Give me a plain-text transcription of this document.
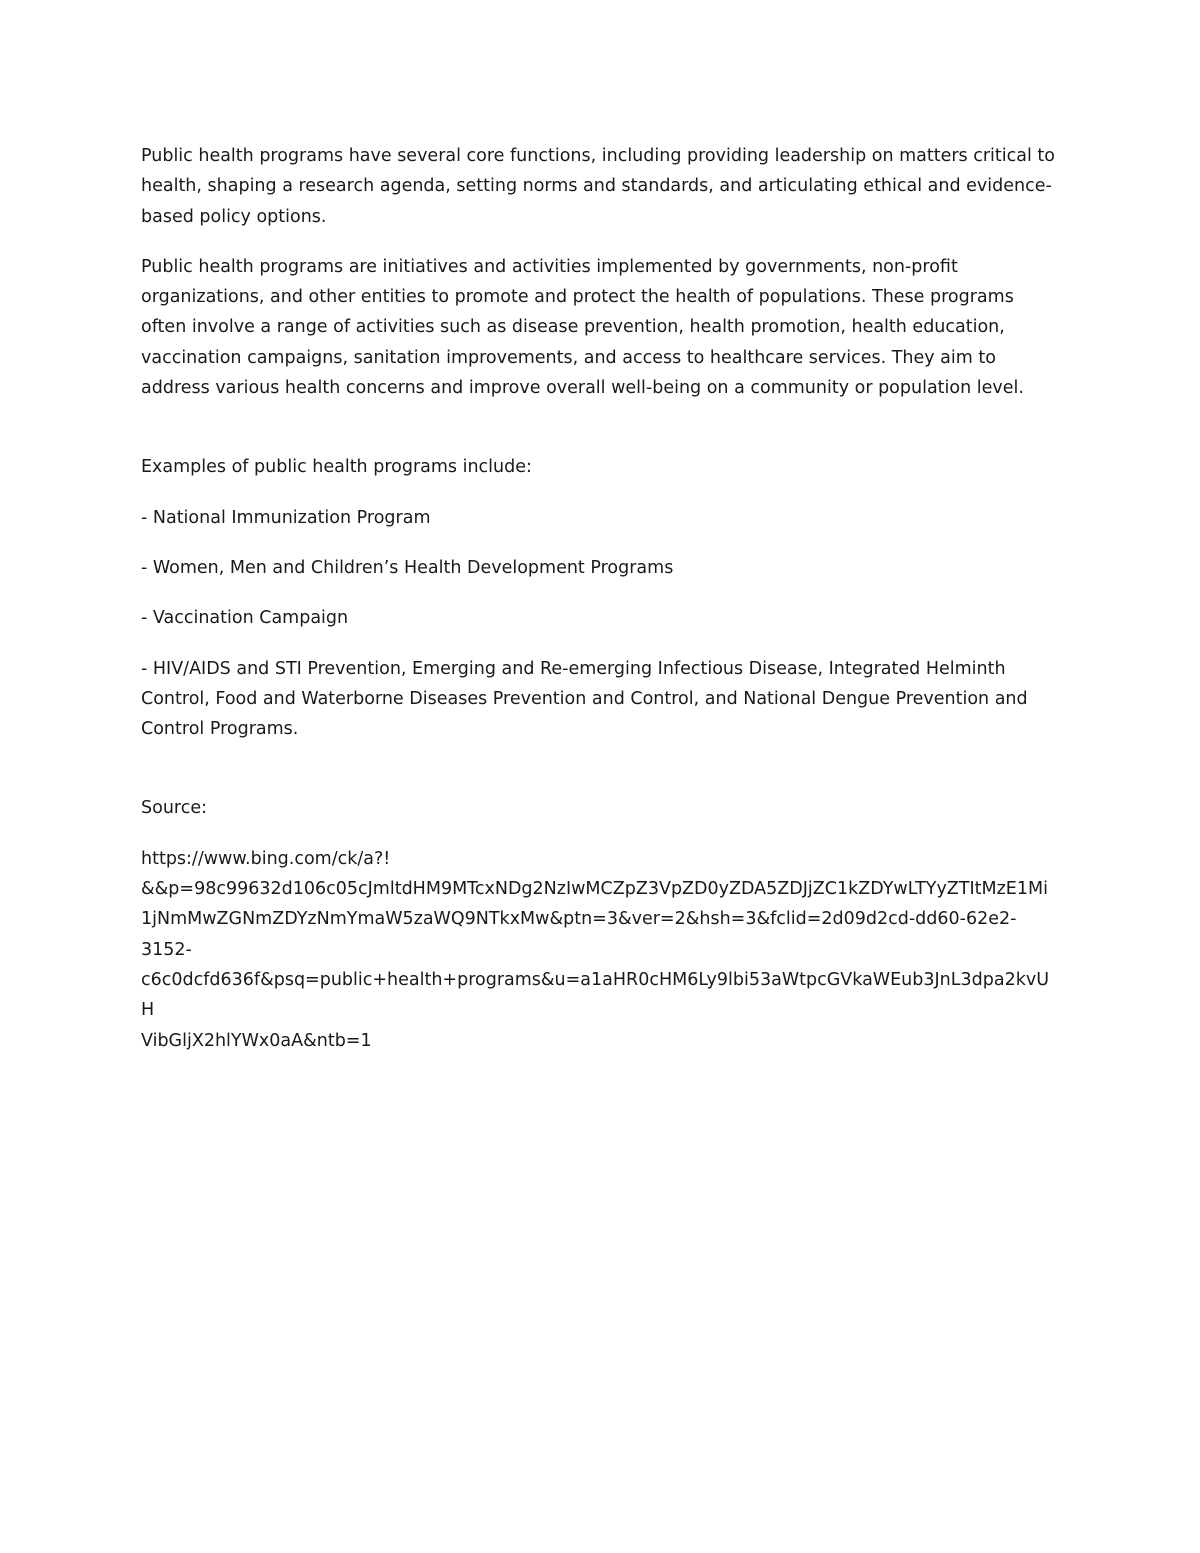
Public health programs have several core functions, including providing leadership on matters critical to health, shaping a research agenda, setting norms and standards, and articulating ethical and evidence-based policy options.

Public health programs are initiatives and activities implemented by governments, non-profit organizations, and other entities to promote and protect the health of populations. These programs often involve a range of activities such as disease prevention, health promotion, health education, vaccination campaigns, sanitation improvements, and access to healthcare services. They aim to address various health concerns and improve overall well-being on a community or population level.

Examples of public health programs include:

- National Immunization Program

- Women, Men and Children’s Health Development Programs

- Vaccination Campaign

- HIV/AIDS and STI Prevention, Emerging and Re-emerging Infectious Disease, Integrated Helminth Control, Food and Waterborne Diseases Prevention and Control, and National Dengue Prevention and Control Programs.

Source:

https://www.bing.com/ck/a?!
&&p=98c99632d106c05cJmltdHM9MTcxNDg2NzIwMCZpZ3VpZD0yZDA5ZDJjZC1kZDYwLTYyZTItMzE1Mi
1jNmMwZGNmZDYzNmYmaW5zaWQ9NTkxMw&ptn=3&ver=2&hsh=3&fclid=2d09d2cd-dd60-62e2-
3152-
c6c0dcfd636f&psq=public+health+programs&u=a1aHR0cHM6Ly9lbi53aWtpcGVkaWEub3JnL3dpa2kvUH
VibGljX2hlYWx0aA&ntb=1
